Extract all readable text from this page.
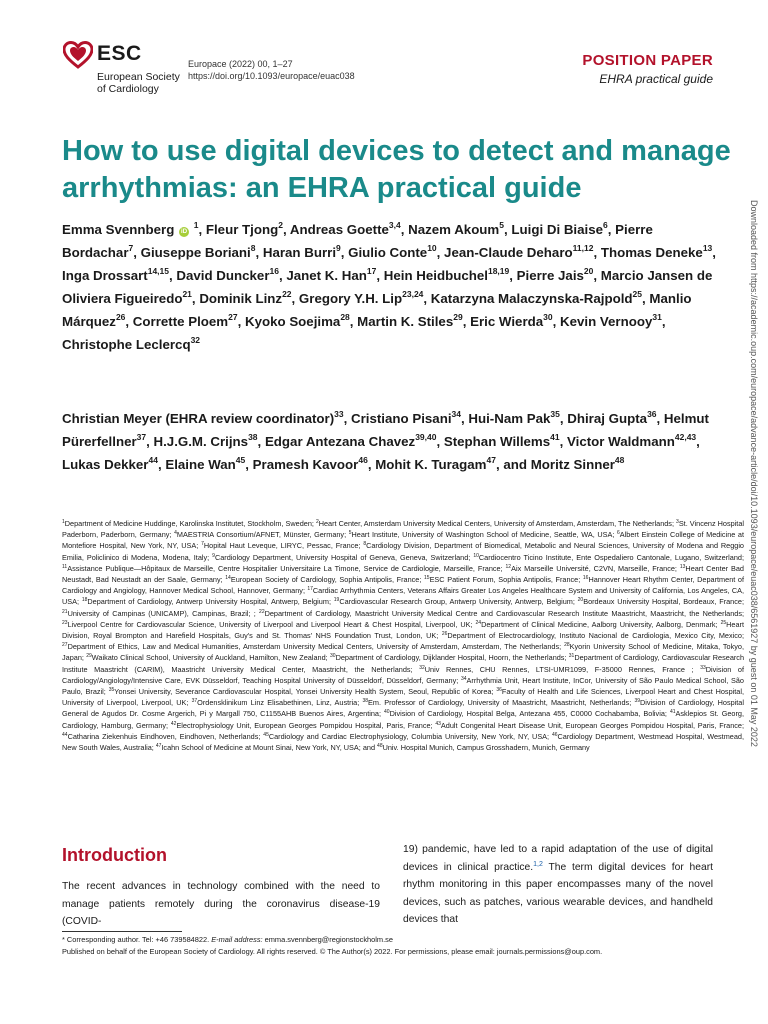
ESC
European Society
of Cardiology
Europace (2022) 00, 1–27
https://doi.org/10.1093/europace/euac038
POSITION PAPER
EHRA practical guide
How to use digital devices to detect and manage
arrhythmias: an EHRA practical guide
Emma Svennberg iD $^1$, Fleur Tjong$^2$, Andreas Goette$^{3,4}$, Nazem Akoum$^5$, Luigi Di Biaise$^6$, Pierre Bordachar$^7$, Giuseppe Boriani$^8$, Haran Burri$^9$, Giulio Conte$^{10}$, Jean-Claude Deharo$^{11,12}$, Thomas Deneke$^{13}$, Inga Drossart$^{14,15}$, David Duncker$^{16}$, Janet K. Han$^{17}$, Hein Heidbuchel$^{18,19}$, Pierre Jais$^{20}$, Marcio Jansen de Oliviera Figueiredo$^{21}$, Dominik Linz$^{22}$, Gregory Y.H. Lip$^{23,24}$, Katarzyna Malaczynska-Rajpold$^{25}$, Manlio Márquez$^{26}$, Corrette Ploem$^{27}$, Kyoko Soejima$^{28}$, Martin K. Stiles$^{29}$, Eric Wierda$^{30}$, Kevin Vernooy$^{31}$, Christophe Leclercq$^{32}$
Christian Meyer (EHRA review coordinator)$^{33}$, Cristiano Pisani$^{34}$, Hui-Nam Pak$^{35}$, Dhiraj Gupta$^{36}$, Helmut Pürerfellner$^{37}$, H.J.G.M. Crijns$^{38}$, Edgar Antezana Chavez$^{39,40}$, Stephan Willems$^{41}$, Victor Waldmann$^{42,43}$, Lukas Dekker$^{44}$, Elaine Wan$^{45}$, Pramesh Kavoor$^{46}$, Mohit K. Turagam$^{47}$, and Moritz Sinner$^{48}$
$^1$Department of Medicine Huddinge, Karolinska Institutet, Stockholm, Sweden; $^2$Heart Center, Amsterdam University Medical Centers, University of Amsterdam, Amsterdam, The Netherlands; $^3$St. Vincenz Hospital Paderborn, Paderborn, Germany; $^4$MAESTRIA Consortium/AFNET, Münster, Germany; $^5$Heart Institute, University of Washington School of Medicine, Seattle, WA, USA; $^6$Albert Einstein College of Medicine at Montefiore Hospital, New York, NY, USA; $^7$Hopital Haut Leveque, LIRYC, Pessac, France; $^8$Cardiology Division, Department of Biomedical, Metabolic and Neural Sciences, University of Modena and Reggio Emilia, Policlinico di Modena, Modena, Italy; $^9$Cardiology Department, University Hospital of Geneva, Geneva, Switzerland; $^{10}$Cardiocentro Ticino Institute, Ente Ospedaliero Cantonale, Lugano, Switzerland; $^{11}$Assistance Publique—Hôpitaux de Marseille, Centre Hospitalier Universitaire La Timone, Service de Cardiologie, Marseille, France; $^{12}$Aix Marseille Université, C2VN, Marseille, France; $^{13}$Heart Center Bad Neustadt, Bad Neustadt an der Saale, Germany; $^{14}$European Society of Cardiology, Sophia Antipolis, France; $^{15}$ESC Patient Forum, Sophia Antipolis, France; $^{16}$Hannover Heart Rhythm Center, Department of Cardiology and Angiology, Hannover Medical School, Hannover, Germany; $^{17}$Cardiac Arrhythmia Centers, Veterans Affairs Greater Los Angeles Healthcare System and University of California, Los Angeles, CA, USA; $^{18}$Department of Cardiology, Antwerp University Hospital, Antwerp, Belgium; $^{19}$Cardiovascular Research Group, Antwerp University, Antwerp, Belgium; $^{20}$Bordeaux University Hospital, Bordeaux, France; $^{21}$University of Campinas (UNICAMP), Campinas, Brazil; ; $^{22}$Department of Cardiology, Maastricht University Medical Centre and Cardiovascular Research Institute Maastricht, Maastricht, the Netherlands; $^{23}$Liverpool Centre for Cardiovascular Science, University of Liverpool and Liverpool Heart & Chest Hospital, Liverpool, UK; $^{24}$Department of Clinical Medicine, Aalborg University, Aalborg, Denmark; $^{25}$Heart Division, Royal Brompton and Harefield Hospitals, Guy's and St. Thomas' NHS Foundation Trust, London, UK; $^{26}$Department of Electrocardiology, Instituto Nacional de Cardiologia, Mexico City, Mexico; $^{27}$Department of Ethics, Law and Medical Humanities, Amsterdam University Medical Centers, University of Amsterdam, Amsterdam, The Netherlands; $^{28}$Kyorin University School of Medicine, Mitaka, Tokyo, Japan; $^{29}$Waikato Clinical School, University of Auckland, Hamilton, New Zealand; $^{30}$Department of Cardiology, Dijklander Hospital, Hoorn, the Netherlands; $^{31}$Department of Cardiology, Cardiovascular Research Institute Maastricht (CARIM), Maastricht University Medical Center, Maastricht, the Netherlands; $^{32}$Univ Rennes, CHU Rennes, LTSI-UMR1099, F-35000 Rennes, France ; $^{33}$Division of Cardiology/Angiology/Intensive Care, EVK Düsseldorf, Teaching Hospital University of Düsseldorf, Düsseldorf, Germany; $^{34}$Arrhythmia Unit, Heart Institute, InCor, University of São Paulo Medical School, São Paulo, Brazil; $^{35}$Yonsei University, Severance Cardiovascular Hospital, Yonsei University Health System, Seoul, Republic of Korea; $^{36}$Faculty of Health and Life Sciences, Liverpool Heart and Chest Hospital, University of Liverpool, Liverpool, UK; $^{37}$Ordensklinikum Linz Elisabethinen, Linz, Austria; $^{38}$Em. Professor of Cardiology, University of Maastricht, Maastricht, Netherlands; $^{39}$Division of Cardiology, Hospital General de Agudos Dr. Cosme Argerich, Pi y Margall 750, C1155AHB Buenos Aires, Argentina; $^{40}$Division of Cardiology, Hospital Belga, Antezana 455, C0000 Cochabamba, Bolivia; $^{41}$Asklepios St. Georg, Cardiology, Hamburg, Germany; $^{42}$Electrophysiology Unit, European Georges Pompidou Hospital, Paris, France; $^{43}$Adult Congenital Heart Disease Unit, European Georges Pompidou Hospital, Paris, France; $^{44}$Catharina Ziekenhuis Eindhoven, Eindhoven, Netherlands; $^{45}$Cardiology and Cardiac Electrophysiology, Columbia University, New York, NY, USA; $^{46}$Cardiology Department, Westmead Hospital, Westmead, New South Wales, Australia; $^{47}$Icahn School of Medicine at Mount Sinai, New York, NY, USA; and $^{48}$Univ. Hospital Munich, Campus Grosshadern, Munich, Germany
Downloaded from https://academic.oup.com/europace/advance-article/doi/10.1093/europace/euac038/6561927 by guest on 01 May 2022
Introduction
The recent advances in technology combined with the need to manage patients remotely during the coronavirus disease-19 (COVID-
19) pandemic, have led to a rapid adaptation of the use of digital devices in clinical practice.$^{1,2}$ The term digital devices for heart rhythm monitoring in this paper encompasses many of the novel devices, such as patches, various wearable devices, and handheld devices that
* Corresponding author. Tel: +46 739584822. E-mail address: emma.svennberg@regionstockholm.se
Published on behalf of the European Society of Cardiology. All rights reserved. © The Author(s) 2022. For permissions, please email: journals.permissions@oup.com.
